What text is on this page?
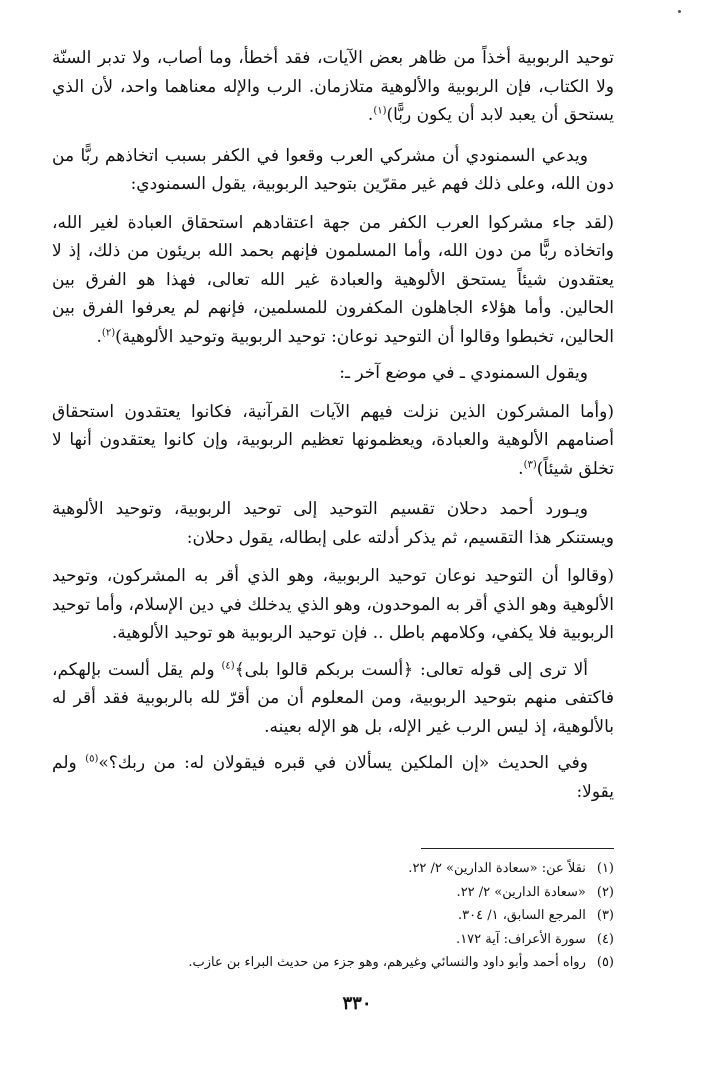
توحيد الربوبية أخذاً من ظاهر بعض الآيات، فقد أخطأ، وما أصاب، ولا تدبر السنّة ولا الكتاب، فإن الربوبية والألوهية متلازمان. الرب والإله معناهما واحد، لأن الذي يستحق أن يعبد لابد أن يكون ربًّا)$^{(١)}$.

ويدعي السمنودي أن مشركي العرب وقعوا في الكفر بسبب اتخاذهم ربًّا من دون الله، وعلى ذلك فهم غير مقرّين بتوحيد الربوبية، يقول السمنودي:

(لقد جاء مشركوا العرب الكفر من جهة اعتقادهم استحقاق العبادة لغير الله، واتخاذه ربًّا من دون الله، وأما المسلمون فإنهم بحمد الله بريئون من ذلك، إذ لا يعتقدون شيئاً يستحق الألوهية والعبادة غير الله تعالى، فهذا هو الفرق بين الحالين. وأما هؤلاء الجاهلون المكفرون للمسلمين، فإنهم لم يعرفوا الفرق بين الحالين، تخبطوا وقالوا أن التوحيد نوعان: توحيد الربوبية وتوحيد الألوهية)$^{(٢)}$.

ويقول السمنودي ـ في موضع آخر ـ:

(وأما المشركون الذين نزلت فيهم الآيات القرآنية، فكانوا يعتقدون استحقاق أصنامهم الألوهية والعبادة، ويعظمونها تعظيم الربوبية، وإن كانوا يعتقدون أنها لا تخلق شيئاً)$^{(٣)}$.

ويـورد أحمد دحلان تقسيم التوحيد إلى توحيد الربوبية، وتوحيد الألوهية ويستنكر هذا التقسيم، ثم يذكر أدلته على إبطاله، يقول دحلان:

(وقالوا أن التوحيد نوعان توحيد الربوبية، وهو الذي أقر به المشركون، وتوحيد الألوهية وهو الذي أقر به الموحدون، وهو الذي يدخلك في دين الإسلام، وأما توحيد الربوبية فلا يكفي، وكلامهم باطل .. فإن توحيد الربوبية هو توحيد الألوهية.

ألا ترى إلى قوله تعالى: ﴿ألست بربكم قالوا بلى﴾$^{(٤)}$ ولم يقل ألست بإلهكم، فاكتفى منهم بتوحيد الربوبية، ومن المعلوم أن من أقرّ لله بالربوبية فقد أقر له بالألوهية، إذ ليس الرب غير الإله، بل هو الإله بعينه.

وفي الحديث «إن الملكين يسألان في قبره فيقولان له: من ربك؟»$^{(٥)}$ ولم يقولا:

(١) نقلاً عن: «سعادة الدارين» ٢/ ٢٢.
(٢) «سعادة الدارين» ٢/ ٢٢.
(٣) المرجع السابق، ١/ ٣٠٤.
(٤) سورة الأعراف: آية ١٧٢.
(٥) رواه أحمد وأبو داود والنسائي وغيرهم، وهو جزء من حديث البراء بن عازب.
٣٣٠
